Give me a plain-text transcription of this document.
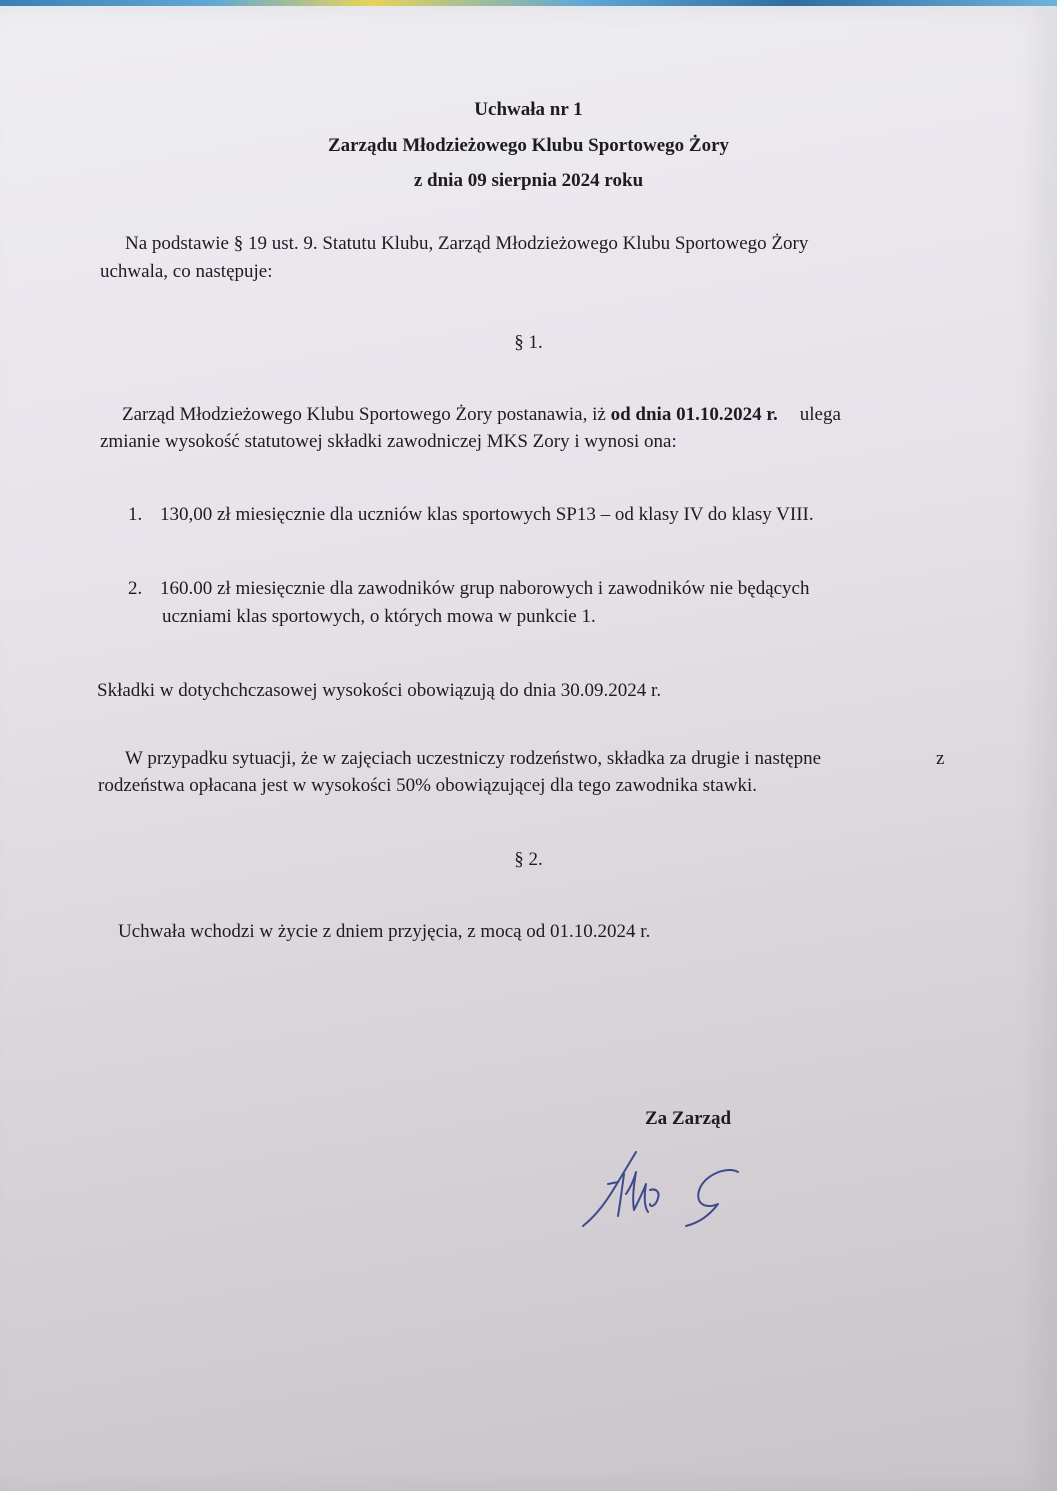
Uchwała nr 1
Zarządu Młodzieżowego Klubu Sportowego Żory
z dnia 09 sierpnia 2024 roku
Na podstawie § 19 ust. 9. Statutu Klubu, Zarząd Młodzieżowego Klubu Sportowego Żory
uchwala, co następuje:
§ 1.
Zarząd Młodzieżowego Klubu Sportowego Żory postanawia, iż od dnia 01.10.2024 r. ulega
zmianie wysokość statutowej składki zawodniczej MKS Zory i wynosi ona:
1. 130,00 zł miesięcznie dla uczniów klas sportowych SP13 – od klasy IV do klasy VIII.
2. 160.00 zł miesięcznie dla zawodników grup naborowych i zawodników nie będących
uczniami klas sportowych, o których mowa w punkcie 1.
Składki w dotychchczasowej wysokości obowiązują do dnia 30.09.2024 r.
W przypadku sytuacji, że w zajęciach uczestniczy rodzeństwo, składka za drugie i następne	z
rodzeństwa opłacana jest w wysokości 50% obowiązującej dla tego zawodnika stawki.
§ 2.
Uchwała wchodzi w życie z dniem przyjęcia, z mocą od 01.10.2024 r.
Za Zarząd
